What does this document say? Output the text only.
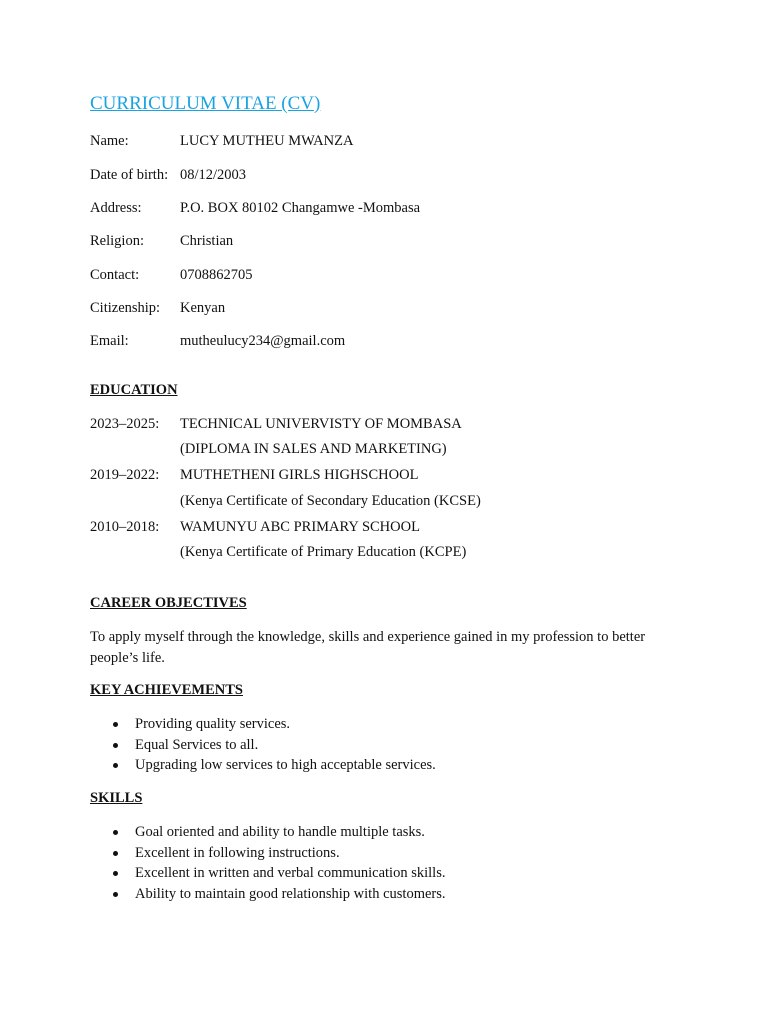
CURRICULUM VITAE (CV)
Name:	LUCY MUTHEU MWANZA
Date of birth: 08/12/2003
Address:	P.O. BOX 80102 Changamwe -Mombasa
Religion: Christian
Contact:	0708862705
Citizenship: Kenyan
Email:	mutheulucy234@gmail.com
EDUCATION
2023–2025: TECHNICAL UNIVERVISTY OF MOMBASA
(DIPLOMA IN SALES AND MARKETING)
2019–2022: MUTHETHENI GIRLS HIGHSCHOOL
(Kenya Certificate of Secondary Education (KCSE)
2010–2018: WAMUNYU ABC PRIMARY SCHOOL
(Kenya Certificate of Primary Education (KCPE)
CAREER OBJECTIVES
To apply myself through the knowledge, skills and experience gained in my profession to better people’s life.
KEY ACHIEVEMENTS
Providing quality services.
Equal Services to all.
Upgrading low services to high acceptable services.
SKILLS
Goal oriented and ability to handle multiple tasks.
Excellent in following instructions.
Excellent in written and verbal communication skills.
Ability to maintain good relationship with customers.
